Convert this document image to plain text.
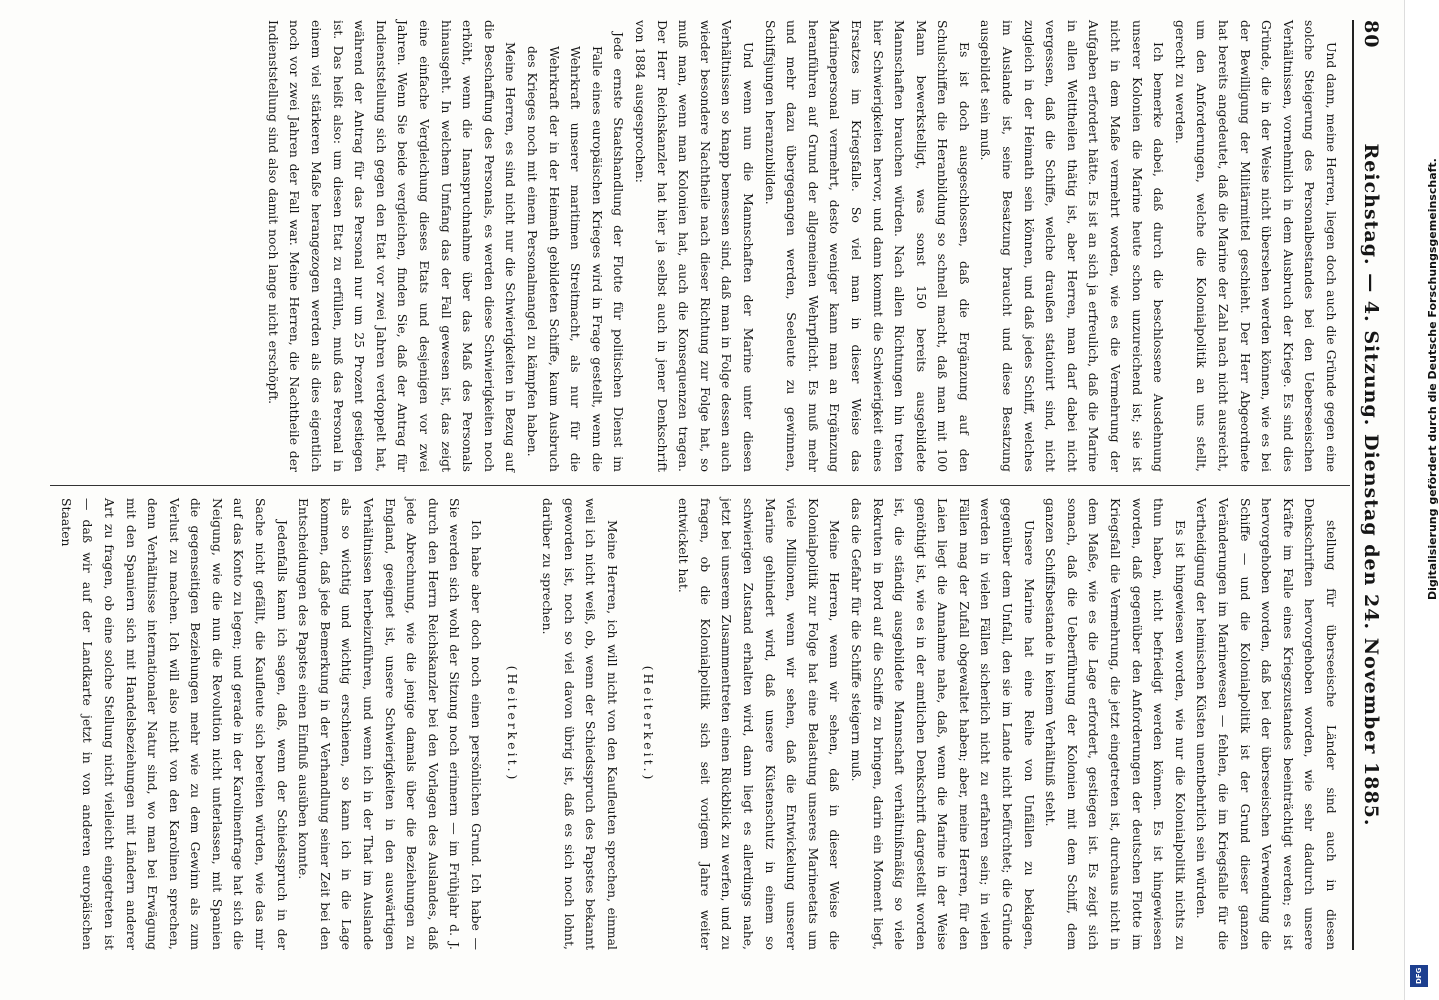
80
Reichstag. — 4. Sitzung. Dienstag den 24. November 1885.

Und dann, meine Herren, liegen doch auch die Gründe gegen eine solche Steigerung des Personalbestandes bei den Ueberseeischen Verhältnissen, vornehmlich in dem Ausbruch der Kriege. Es sind dies Gründe, die in der Weise nicht übersehen werden können, wie es bei der Bewilligung der Militärmittel geschieht. Der Herr Abgeordnete hat bereits angedeutet, daß die Marine der Zahl nach nicht ausreicht, um den Anforderungen, welche die Kolonialpolitik an uns stellt, gerecht zu werden.

Ich bemerke dabei, daß durch die beschlossene Ausdehnung unserer Kolonien die Marine heute schon unzureichend ist; sie ist nicht in dem Maße vermehrt worden, wie es die Vermehrung der Aufgaben erfordert hätte. Es ist an sich ja erfreulich, daß die Marine in allen Welttheilen thätig ist, aber Herren, man darf dabei nicht vergessen, daß die Schiffe, welche draußen stationirt sind, nicht zugleich in der Heimath sein können, und daß jedes Schiff, welches im Auslande ist, seine Besatzung braucht und diese Besatzung ausgebildet sein muß.

Es ist doch ausgeschlossen, daß die Ergänzung auf den Schulschiffen die Heranbildung so schnell macht, daß man mit 100 Mann bewerkstelligt, was sonst 150 bereits ausgebildete Mannschaften brauchen würden. Nach allen Richtungen hin treten hier Schwierigkeiten hervor, und dann kommt die Schwierigkeit eines Ersatzes im Kriegsfalle. So viel man in dieser Weise das Marinepersonal vermehrt, desto weniger kann man an Ergänzung heranführen auf Grund der allgemeinen Wehrpflicht. Es muß mehr und mehr dazu übergegangen werden, Seeleute zu gewinnen, Schiffsjungen heranzubilden.

Und wenn nun die Mannschaften der Marine unter diesen Verhältnissen so knapp bemessen sind, daß man in Folge dessen auch wieder besondere Nachtheile nach dieser Richtung zur Folge hat, so muß man, wenn man Kolonien hat, auch die Konsequenzen tragen. Der Herr Reichskanzler hat hier ja selbst auch in jener Denkschrift von 1884 ausgesprochen:

Jede ernste Staatshandlung der Flotte für politischen Dienst im Falle eines europäischen Krieges wird in Frage gestellt, wenn die Wehrkraft unserer maritimen Streitmacht, als nur für die Wehrkraft der in der Heimath gebildeten Schiffe, kaum Ausbruch des Krieges noch mit einem Personalmangel zu kämpfen haben.

Meine Herren, es sind nicht nur die Schwierigkeiten in Bezug auf die Beschaffung des Personals, es werden diese Schwierigkeiten noch erhöht, wenn die Inanspruchnahme über das Maß des Personals hinausgeht. In welchem Umfang das der Fall gewesen ist, das zeigt eine einfache Vergleichung dieses Etats und desjenigen vor zwei Jahren. Wenn Sie beide vergleichen, finden Sie, daß der Antrag für Indienststellung sich gegen den Etat vor zwei Jahren verdoppelt hat, während der Antrag für das Personal nur um 25 Prozent gestiegen ist. Das heißt also: um diesen Etat zu erfüllen, muß das Personal in einem viel stärkeren Maße herangezogen werden als dies eigentlich noch vor zwei Jahren der Fall war. Meine Herren, die Nachtheile der Indienststellung sind also damit noch lange nicht erschöpft.

stellung für überseeische Länder sind auch in diesen Denkschriften hervorgehoben worden, wie sehr dadurch unsere Kräfte im Falle eines Kriegszustandes beeinträchtigt werden; es ist hervorgehoben worden, daß bei der überseeischen Verwendung die Schiffe — und die Kolonialpolitik ist der Grund dieser ganzen Veränderungen im Marinewesen — fehlen, die im Kriegsfalle für die Vertheidigung der heimischen Küsten unentbehrlich sein würden.

Es ist hingewiesen worden, wie nur die Kolonialpolitik nichts zu thun haben, nicht befriedigt werden können. Es ist hingewiesen worden, daß gegenüber den Anforderungen der deutschen Flotte im Kriegsfall die Vermehrung, die jetzt eingetreten ist, durchaus nicht in dem Maße, wie es die Lage erfordert, gestiegen ist. Es zeigt sich sonach, daß die Ueberführung der Kolonien mit dem Schiff, dem ganzen Schiffsbestande in keinem Verhältniß steht.

Unsere Marine hat eine Reihe von Unfällen zu beklagen, gegenüber dem Unfall, den sie im Lande nicht befürchtet; die Gründe werden in vielen Fällen sicherlich nicht zu erfahren sein; in vielen Fällen mag der Zufall obgewaltet haben; aber, meine Herren, für den Laien liegt die Annahme nahe, daß, wenn die Marine in der Weise genöthigt ist, wie es in der amtlichen Denkschrift dargestellt worden ist, die ständig ausgebildete Mannschaft verhältnißmäßig so viele Rekruten in Bord auf die Schiffe zu bringen, darin ein Moment liegt, das die Gefahr für die Schiffe steigern muß.

Meine Herren, wenn wir sehen, daß in dieser Weise die Kolonialpolitik zur Folge hat eine Belastung unseres Marineetats um viele Millionen, wenn wir sehen, daß die Entwickelung unserer Marine gehindert wird, daß unsere Küstenschutz in einem so schwierigen Zustand erhalten wird, dann liegt es allerdings nahe, jetzt bei unserem Zusammentreten einen Rückblick zu werfen, und zu fragen, ob die Kolonialpolitik sich seit vorigem Jahre weiter entwickelt hat.

(Heiterkeit.)

Meine Herren, ich will nicht von den Kaufleuten sprechen, einmal weil ich nicht weiß, ob, wenn der Schiedsspruch des Papstes bekannt geworden ist, noch so viel davon übrig ist, daß es sich noch lohnt, darüber zu sprechen.

(Heiterkeit.)

Ich habe aber doch noch einen persönlichen Grund. Ich habe — Sie werden sich wohl der Sitzung noch erinnern — im Frühjahr d. J. durch den Herrn Reichskanzler bei den Vorlagen des Auslandes, daß jede Abrechnung, wie die jenige damals über die Beziehungen zu England, geeignet ist, unsere Schwierigkeiten in den auswärtigen Verhältnissen herbeizuführen, und wenn ich in der That im Auslande als so wichtig und wichtig erschienen, so kann ich in die Lage kommen, daß jede Bemerkung in der Verhandlung seiner Zeit bei den Entscheidungen des Papstes einen Einfluß ausüben konnte.

Jedenfalls kann ich sagen, daß, wenn der Schiedsspruch in der Sache nicht gefällt, die Kaufleute sich bereiten würden, wie das mir auf das Konto zu legen; und gerade in der Karolinenfrage hat sich die Neigung, wie die nun die Revolution nicht unterlassen, mit Spanien die gegenseitigen Beziehungen mehr wie zu dem Gewinn als zum Verlust zu machen. Ich will also nicht von den Karolinen sprechen, denn Verhältnisse internationaler Natur sind, wo man bei Erwägung mit den Spaniern sich mit Handelsbeziehungen mit Ländern anderer Art zu fragen, ob eine solche Stellung nicht vielleicht eingetreten ist — daß wir auf der Landkarte jetzt in von anderen europäischen Staaten	Digitalisierung gefördert durch die Deutsche Forschungsgemeinschaft.
DFG
